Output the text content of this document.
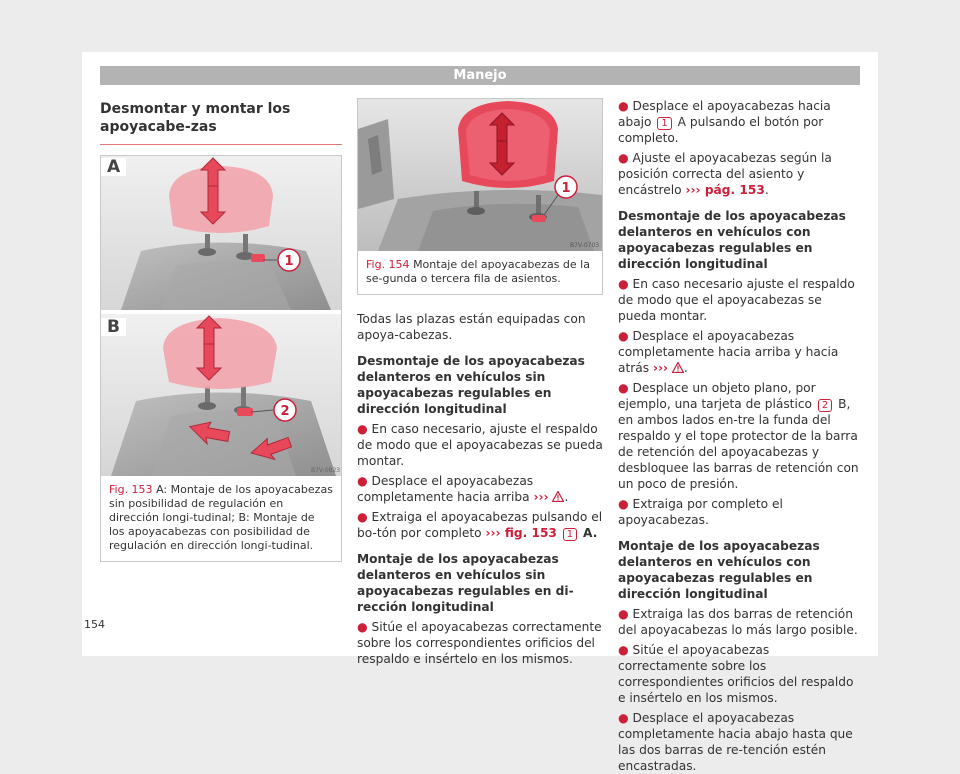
Manejo
Desmontar y montar los apoyacabe-zas
1
2
B7V-0823
A
B
Fig. 153 A: Montaje de los apoyacabezas sin posibilidad de regulación en dirección longi-tudinal; B: Montaje de los apoyacabezas con posibilidad de regulación en dirección longi-tudinal.
1
B7V-0703
Fig. 154 Montaje del apoyacabezas de la se-gunda o tercera fila de asientos.

Todas las plazas están equipadas con apoya-cabezas.

Desmontaje de los apoyacabezas delanteros en vehículos sin apoyacabezas regulables en dirección longitudinal
● En caso necesario, ajuste el respaldo de modo que el apoyacabezas se pueda montar.
● Desplace el apoyacabezas completamente hacia arriba ››› .
● Extraiga el apoyacabezas pulsando el bo-tón por completo ››› fig. 153 1 A.
Montaje de los apoyacabezas delanteros en vehículos sin apoyacabezas regulables en di-rección longitudinal
● Sitúe el apoyacabezas correctamente sobre los correspondientes orificios del respaldo e insértelo en los mismos.
● Desplace el apoyacabezas hacia abajo 1 A pulsando el botón por completo.
● Ajuste el apoyacabezas según la posición correcta del asiento y encástrelo ››› pág. 153.
Desmontaje de los apoyacabezas delanteros en vehículos con apoyacabezas regulables en dirección longitudinal
● En caso necesario ajuste el respaldo de modo que el apoyacabezas se pueda montar.
● Desplace el apoyacabezas completamente hacia arriba y hacia atrás ››› .
● Desplace un objeto plano, por ejemplo, una tarjeta de plástico 2 B, en ambos lados en-tre la funda del respaldo y el tope protector de la barra de retención del apoyacabezas y desbloquee las barras de retención con un poco de presión.
● Extraiga por completo el apoyacabezas.
Montaje de los apoyacabezas delanteros en vehículos con apoyacabezas regulables en dirección longitudinal
● Extraiga las dos barras de retención del apoyacabezas lo más largo posible.
● Sitúe el apoyacabezas correctamente sobre los correspondientes orificios del respaldo e insértelo en los mismos.
● Desplace el apoyacabezas completamente hacia abajo hasta que las dos barras de re-tención estén encastradas.
154
